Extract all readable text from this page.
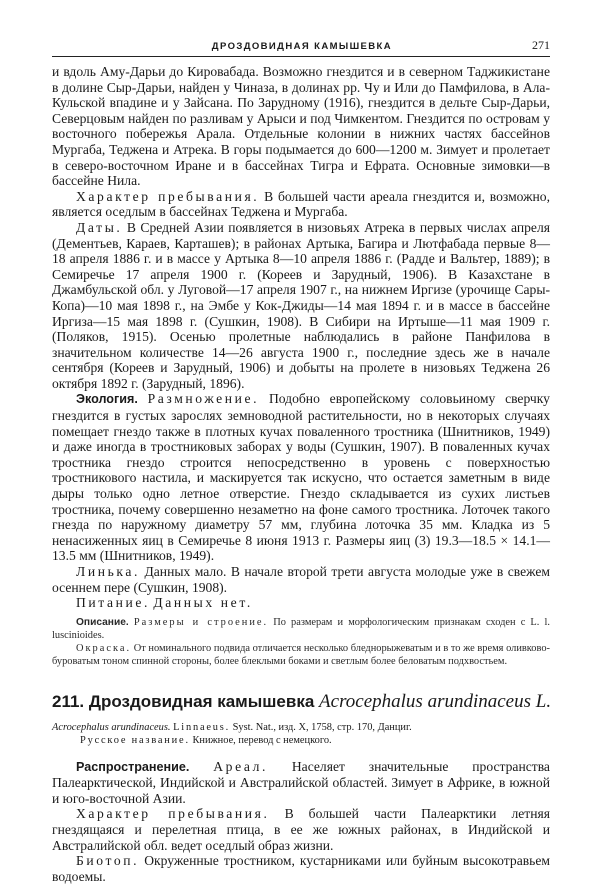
ДРОЗДОВИДНАЯ КАМЫШЕВКА	271

и вдоль Аму-Дарьи до Кировабада. Возможно гнездится и в северном Таджикистане в долине Сыр-Дарьи, найден у Чиназа, в долинах рр. Чу и Или до Памфилова, в Ала-Кульской впадине и у Зайсана. По Зарудному (1916), гнездится в дельте Сыр-Дарьи, Северцовым найден по разливам у Арыси и под Чимкентом. Гнездится по островам у восточного побережья Арала. Отдельные колонии в нижних частях бассейнов Мургаба, Теджена и Атрека. В горы подымается до 600—1200 м. Зимует и пролетает в северо-восточном Иране и в бассейнах Тигра и Ефрата. Основные зимовки—в бассейне Нила.

Характер пребывания. В большей части ареала гнездится и, возможно, является оседлым в бассейнах Теджена и Мургаба.

Даты. В Средней Азии появляется в низовьях Атрека в первых числах апреля (Дементьев, Караев, Карташев); в районах Артыка, Багира и Лютфабада первые 8—18 апреля 1886 г. и в массе у Артыка 8—10 апреля 1886 г. (Радде и Вальтер, 1889); в Семиречье 17 апреля 1900 г. (Кореев и Зарудный, 1906). В Казахстане в Джамбульской обл. у Луговой—17 апреля 1907 г., на нижнем Иргизе (урочище Сары-Копа)—10 мая 1898 г., на Эмбе у Кок-Джиды—14 мая 1894 г. и в массе в бассейне Иргиза—15 мая 1898 г. (Сушкин, 1908). В Сибири на Иртыше—11 мая 1909 г. (Поляков, 1915). Осенью пролетные наблюдались в районе Панфилова в значительном количестве 14—26 августа 1900 г., последние здесь же в начале сентября (Кореев и Зарудный, 1906) и добыты на пролете в низовьях Теджена 26 октября 1892 г. (Зарудный, 1896).

Экология. Размножение. Подобно европейскому соловьиному сверчку гнездится в густых зарослях земноводной растительности, но в некоторых случаях помещает гнездо также в плотных кучах поваленного тростника (Шнитников, 1949) и даже иногда в тростниковых заборах у воды (Сушкин, 1907). В поваленных кучах тростника гнездо строится непосредственно в уровень с поверхностью тростникового настила, и маскируется так искусно, что остается заметным в виде дыры только одно летное отверстие. Гнездо складывается из сухих листьев тростника, почему совершенно незаметно на фоне самого тростника. Лоточек такого гнезда по наружному диаметру 57 мм, глубина лоточка 35 мм. Кладка из 5 ненасиженных яиц в Семиречье 8 июня 1913 г. Размеры яиц (3) 19.3—18.5 × 14.1—13.5 мм (Шнитников, 1949).

Линька. Данных мало. В начале второй трети августа молодые уже в свежем осеннем пере (Сушкин, 1908).

Питание. Данных нет.

Описание. Размеры и строение. По размерам и морфологическим признакам сходен с L. l. luscinioides.

Окраска. От номинального подвида отличается несколько бледнорыжеватым и в то же время оливково-буроватым тоном спинной стороны, более блеклыми боками и светлым более беловатым подхвостьем.

211. Дроздовидная камышевка Acrocephalus arundinaceus L.

Acrocephalus arundinaceus. Linnaeus. Syst. Nat., изд. X, 1758, стр. 170, Данциг.
Русское название. Книжное, перевод с немецкого.

Распространение. Ареал. Населяет значительные пространства Палеарктической, Индийской и Австралийской областей. Зимует в Африке, в южной и юго-восточной Азии.

Характер пребывания. В большей части Палеарктики летняя гнездящаяся и перелетная птица, в ее же южных районах, в Индийской и Австралийской обл. ведет оседлый образ жизни.

Биотоп. Окруженные тростником, кустарниками или буйным высокотравьем водоемы.
